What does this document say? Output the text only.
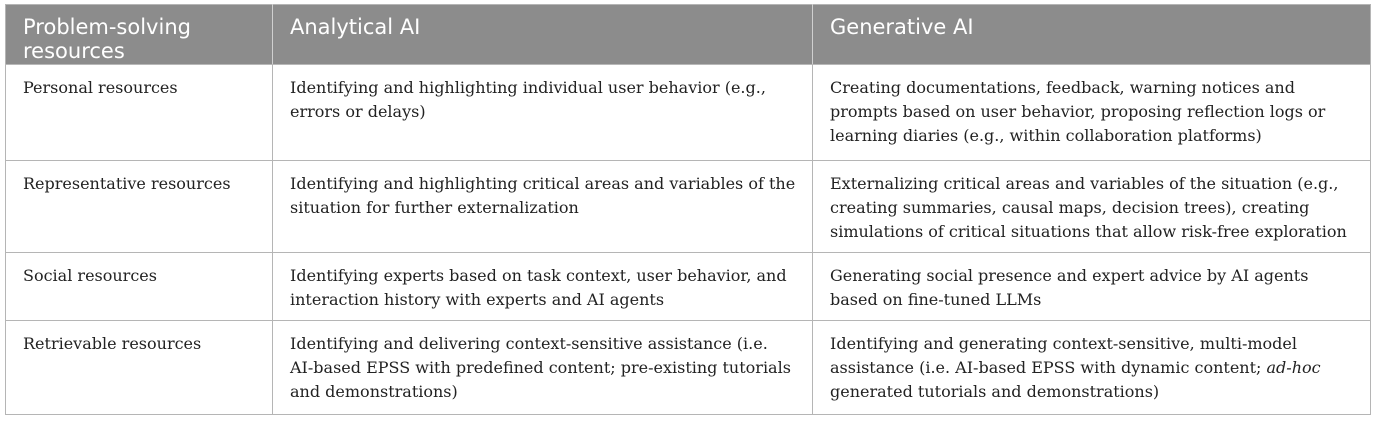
Problem-solving resources	Analytical AI	Generative AI
Personal resources	Identifying and highlighting individual user behavior (e.g., errors or delays)	Creating documentations, feedback, warning notices and prompts based on user behavior, proposing reflection logs or learning diaries (e.g., within collaboration platforms)
Representative resources	Identifying and highlighting critical areas and variables of the situation for further externalization	Externalizing critical areas and variables of the situation (e.g., creating summaries, causal maps, decision trees), creating simulations of critical situations that allow risk-free exploration
Social resources	Identifying experts based on task context, user behavior, and interaction history with experts and AI agents	Generating social presence and expert advice by AI agents based on fine-tuned LLMs
Retrievable resources	Identifying and delivering context-sensitive assistance (i.e. AI-based EPSS with predefined content; pre-existing tutorials and demonstrations)	Identifying and generating context-sensitive, multi-model assistance (i.e. AI-based EPSS with dynamic content; ad-hoc generated tutorials and demonstrations)
